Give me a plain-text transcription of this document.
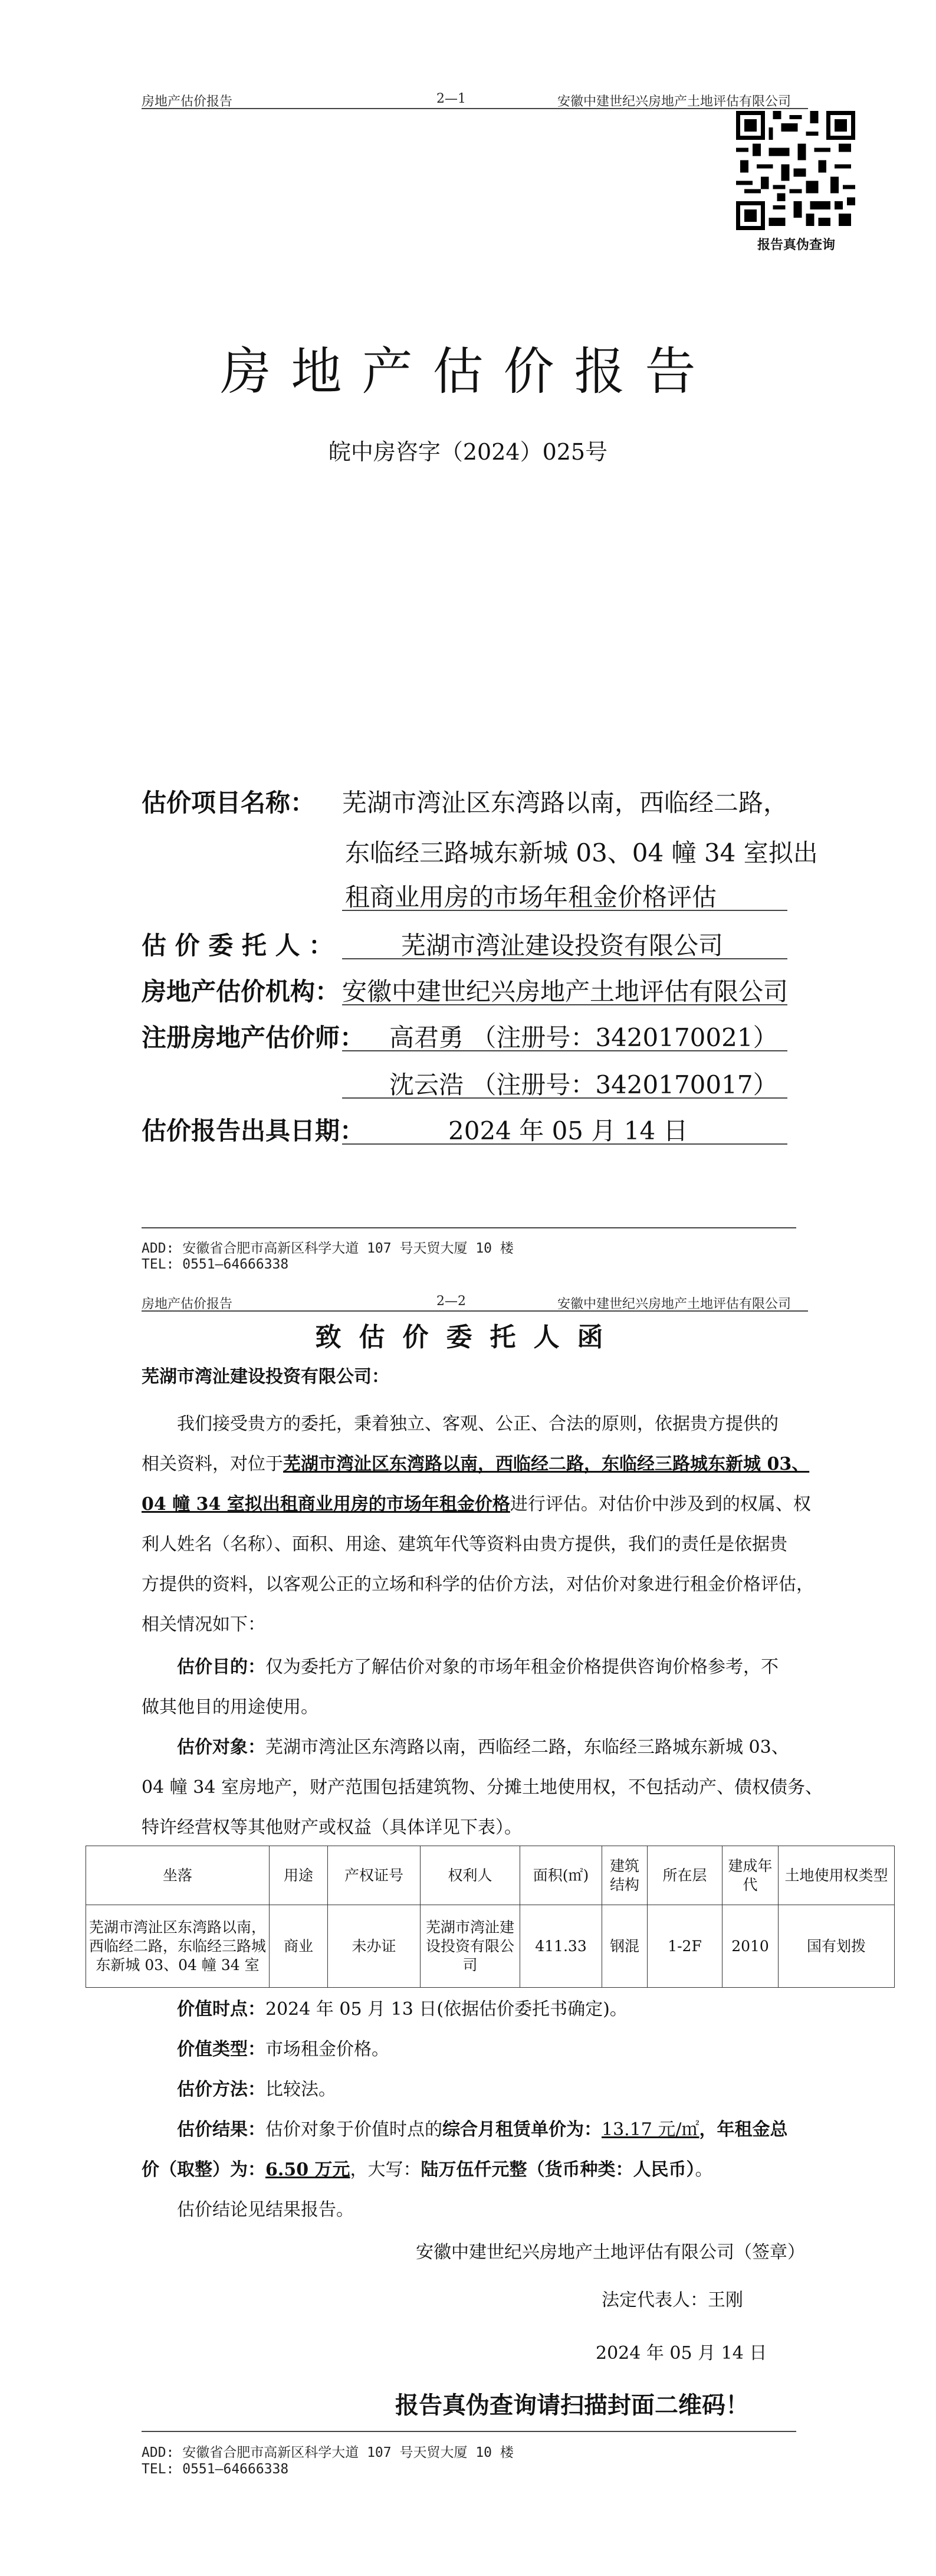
房地产估价报告	2—1	安徽中建世纪兴房地产土地评估有限公司
报告真伪查询
房地产估价报告
皖中房咨字（2024）025号
估价项目名称： 芜湖市湾沚区东湾路以南，西临经二路，
东临经三路城东新城 03、04 幢 34 室拟出
租商业用房的市场年租金价格评估
估 价 委 托 人 ：	芜湖市湾沚建设投资有限公司
房地产估价机构： 安徽中建世纪兴房地产土地评估有限公司
注册房地产估价师： 高君勇 （注册号：3420170021）
沈云浩 （注册号：3420170017）
估价报告出具日期：	2024 年 05 月 14 日
ADD: 安徽省合肥市高新区科学大道 107 号天贸大厦 10 楼
TEL: 0551—64666338
房地产估价报告	2—2	安徽中建世纪兴房地产土地评估有限公司
致估价委托人函
芜湖市湾沚建设投资有限公司：
我们接受贵方的委托，秉着独立、客观、公正、合法的原则，依据贵方提供的
相关资料，对位于芜湖市湾沚区东湾路以南，西临经二路，东临经三路城东新城 03、
04 幢 34 室拟出租商业用房的市场年租金价格进行评估。对估价中涉及到的权属、权
利人姓名（名称）、面积、用途、建筑年代等资料由贵方提供，我们的责任是依据贵
方提供的资料，以客观公正的立场和科学的估价方法，对估价对象进行租金价格评估，
相关情况如下：
估价目的：仅为委托方了解估价对象的市场年租金价格提供咨询价格参考，不
做其他目的用途使用。
估价对象：芜湖市湾沚区东湾路以南，西临经二路，东临经三路城东新城 03、
04 幢 34 室房地产，财产范围包括建筑物、分摊土地使用权，不包括动产、债权债务、
特许经营权等其他财产或权益（具体详见下表）。
坐落	用途	产权证号	权利人	面积(㎡)	建筑结构	所在层	建成年代	土地使用权类型
芜湖市湾沚区东湾路以南，西临经二路，东临经三路城东新城 03、04 幢 34 室	商业	未办证	芜湖市湾沚建设投资有限公司	411.33	钢混	1-2F	2010	国有划拨
价值时点：2024 年 05 月 13 日(依据估价委托书确定)。
价值类型：市场租金价格。
估价方法：比较法。
估价结果：估价对象于价值时点的综合月租赁单价为：13.17 元/㎡，年租金总
价（取整）为：6.50 万元，大写：陆万伍仟元整（货币种类：人民币）。
估价结论见结果报告。
安徽中建世纪兴房地产土地评估有限公司（签章）
法定代表人：王刚
2024 年 05 月 14 日
报告真伪查询请扫描封面二维码！
ADD: 安徽省合肥市高新区科学大道 107 号天贸大厦 10 楼
TEL: 0551—64666338
